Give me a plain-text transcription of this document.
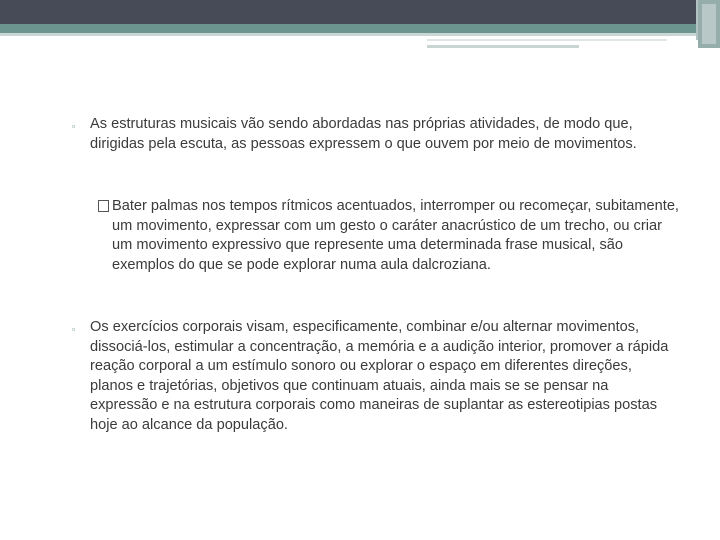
▫ As estruturas musicais vão sendo abordadas nas próprias atividades, de modo que, dirigidas pela escuta, as pessoas expressem o que ouvem por meio de movimentos.
Bater palmas nos tempos rítmicos acentuados, interromper ou recomeçar, subitamente, um movimento, expressar com um gesto o caráter anacrústico de um trecho, ou criar um movimento expressivo que represente uma determinada frase musical, são exemplos do que se pode explorar numa aula dalcroziana.
▫ Os exercícios corporais visam, especificamente, combinar e/ou alternar movimentos, dissociá-los, estimular a concentração, a memória e a audição interior, promover a rápida reação corporal a um estímulo sonoro ou explorar o espaço em diferentes direções, planos e trajetórias, objetivos que continuam atuais, ainda mais se se pensar na expressão e na estrutura corporais como maneiras de suplantar as estereotipias postas hoje ao alcance da população.
